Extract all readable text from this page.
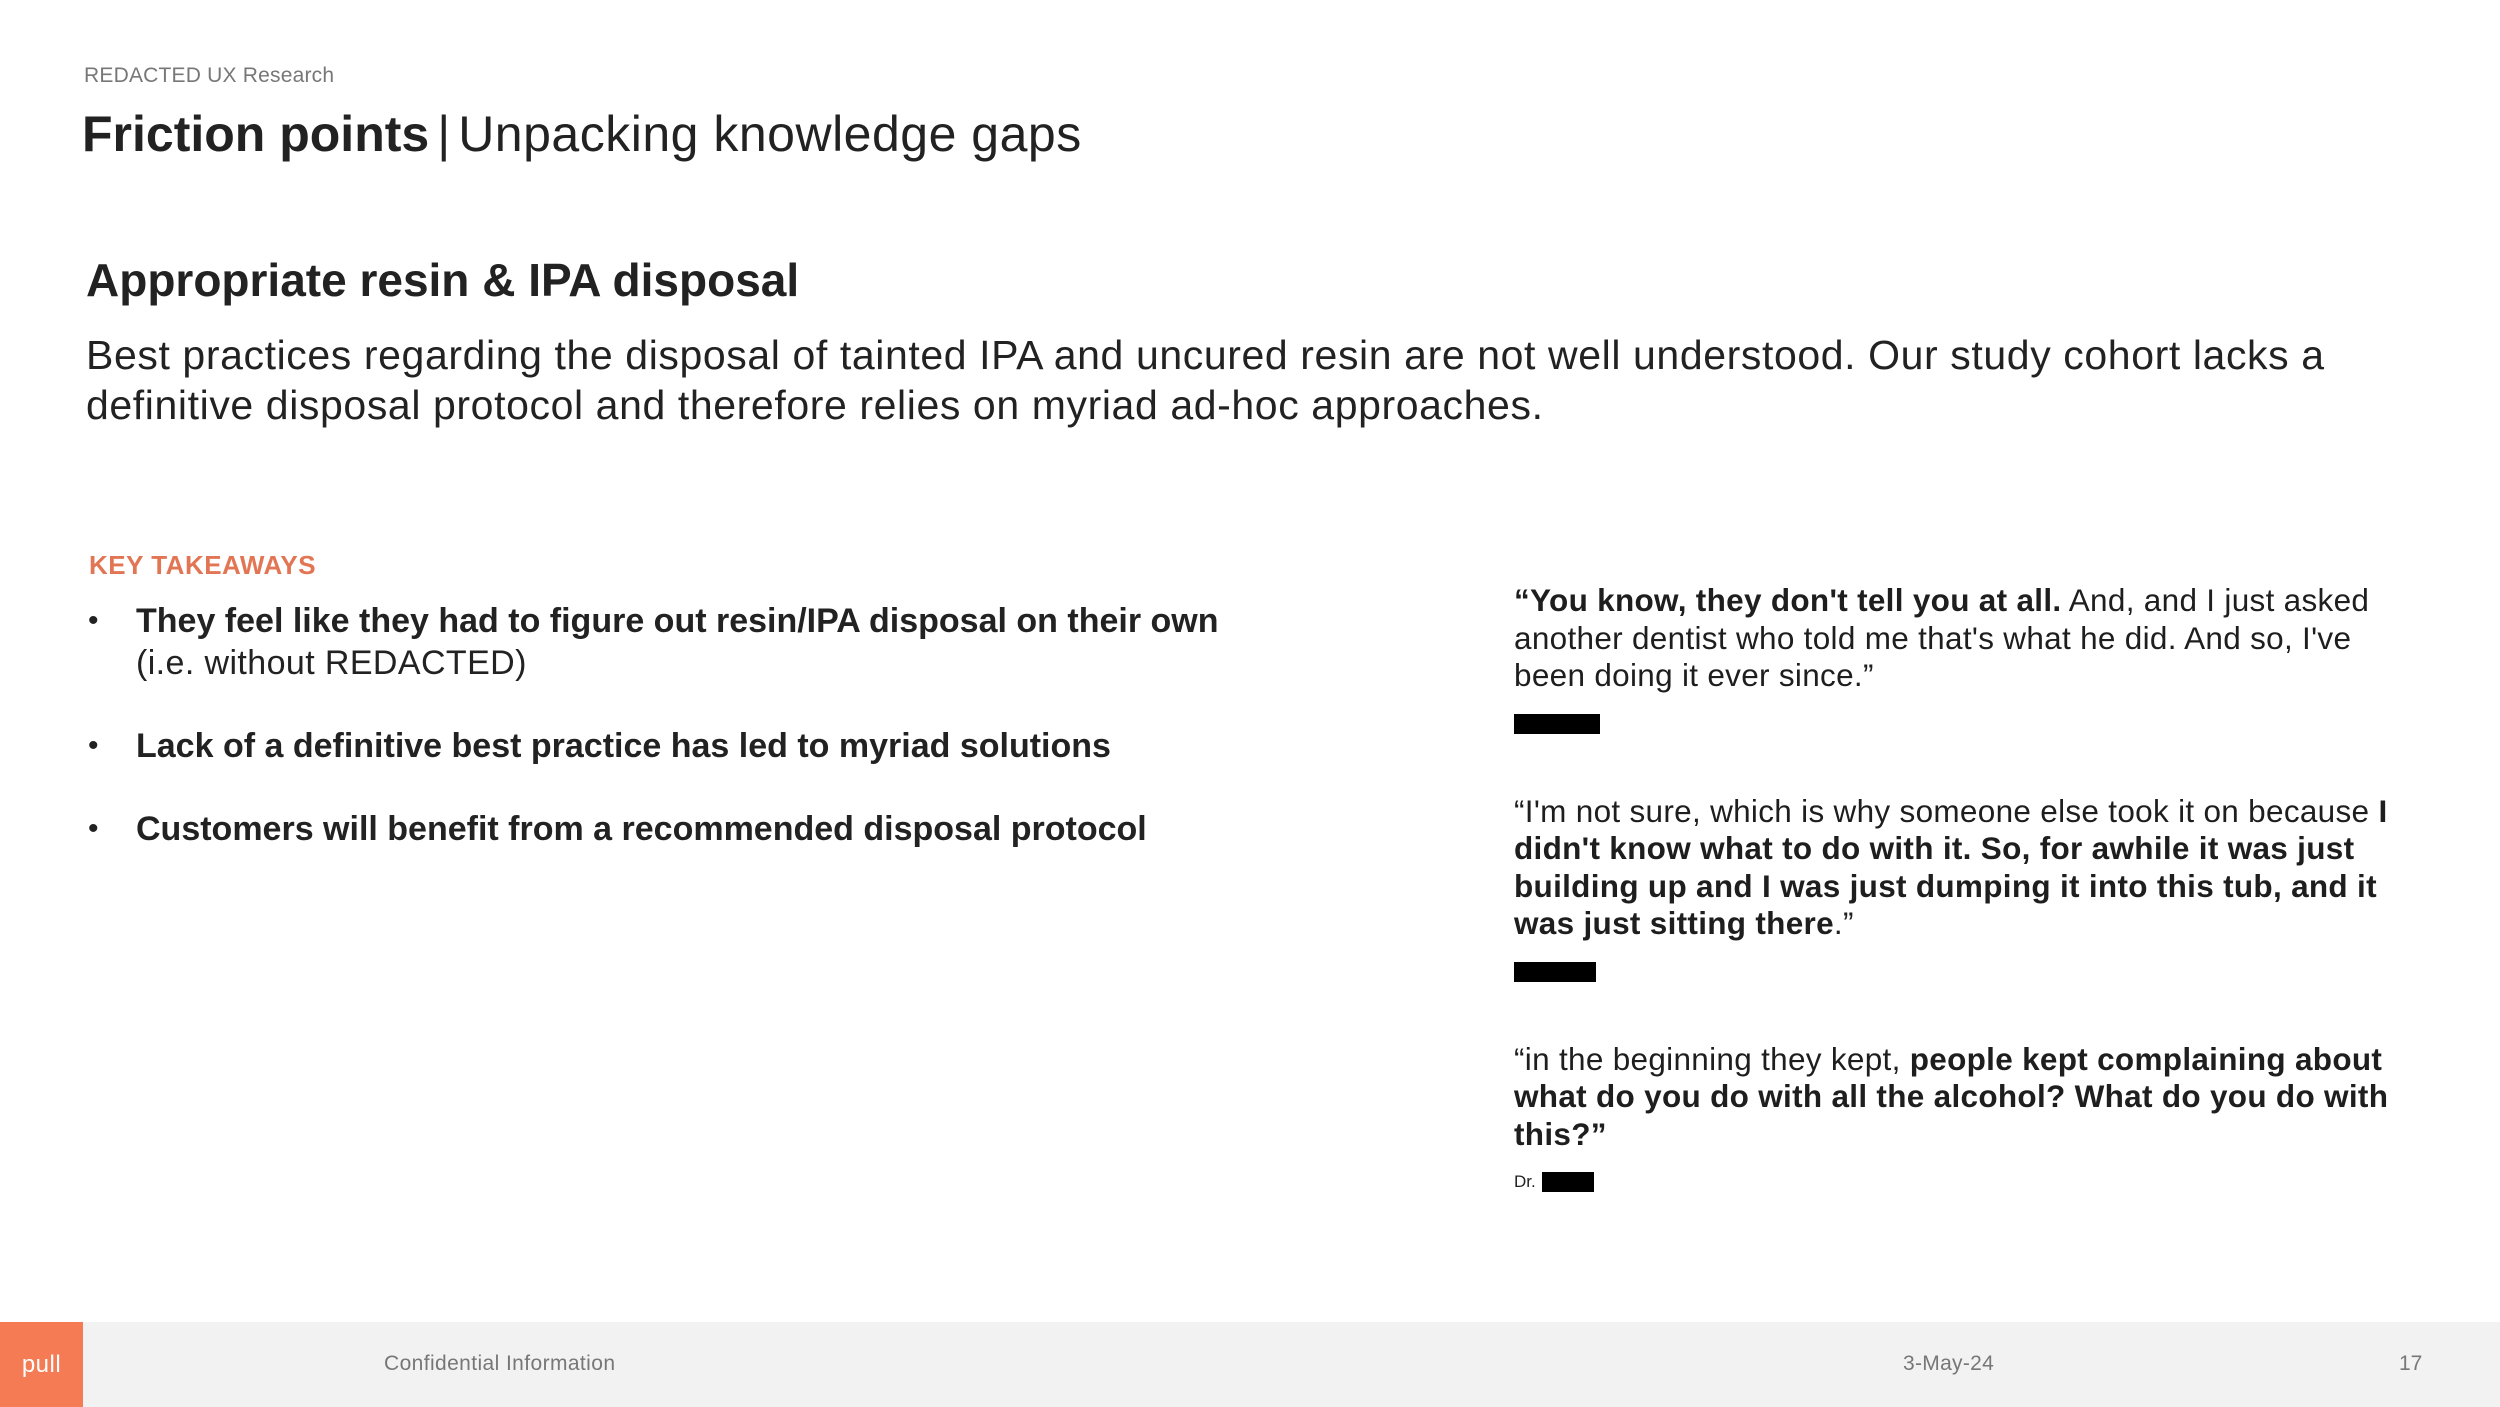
REDACTED UX Research
Friction points | Unpacking knowledge gaps
Appropriate resin & IPA disposal
Best practices regarding the disposal of tainted IPA and uncured resin are not well understood. Our study cohort lacks a definitive disposal protocol and therefore relies on myriad ad-hoc approaches.
KEY TAKEAWAYS
• They feel like they had to figure out resin/IPA disposal on their own
(i.e. without REDACTED)
• Lack of a definitive best practice has led to myriad solutions
• Customers will benefit from a recommended disposal protocol
“You know, they don't tell you at all. And, and I just asked another dentist who told me that's what he did. And so, I've been doing it ever since.”
“I'm not sure, which is why someone else took it on because I didn't know what to do with it. So, for awhile it was just building up and I was just dumping it into this tub, and it was just sitting there.”
“in the beginning they kept, people kept complaining about what do you do with all the alcohol? What do you do with this?”
Dr.
pull	Confidential Information	3-May-24	17
